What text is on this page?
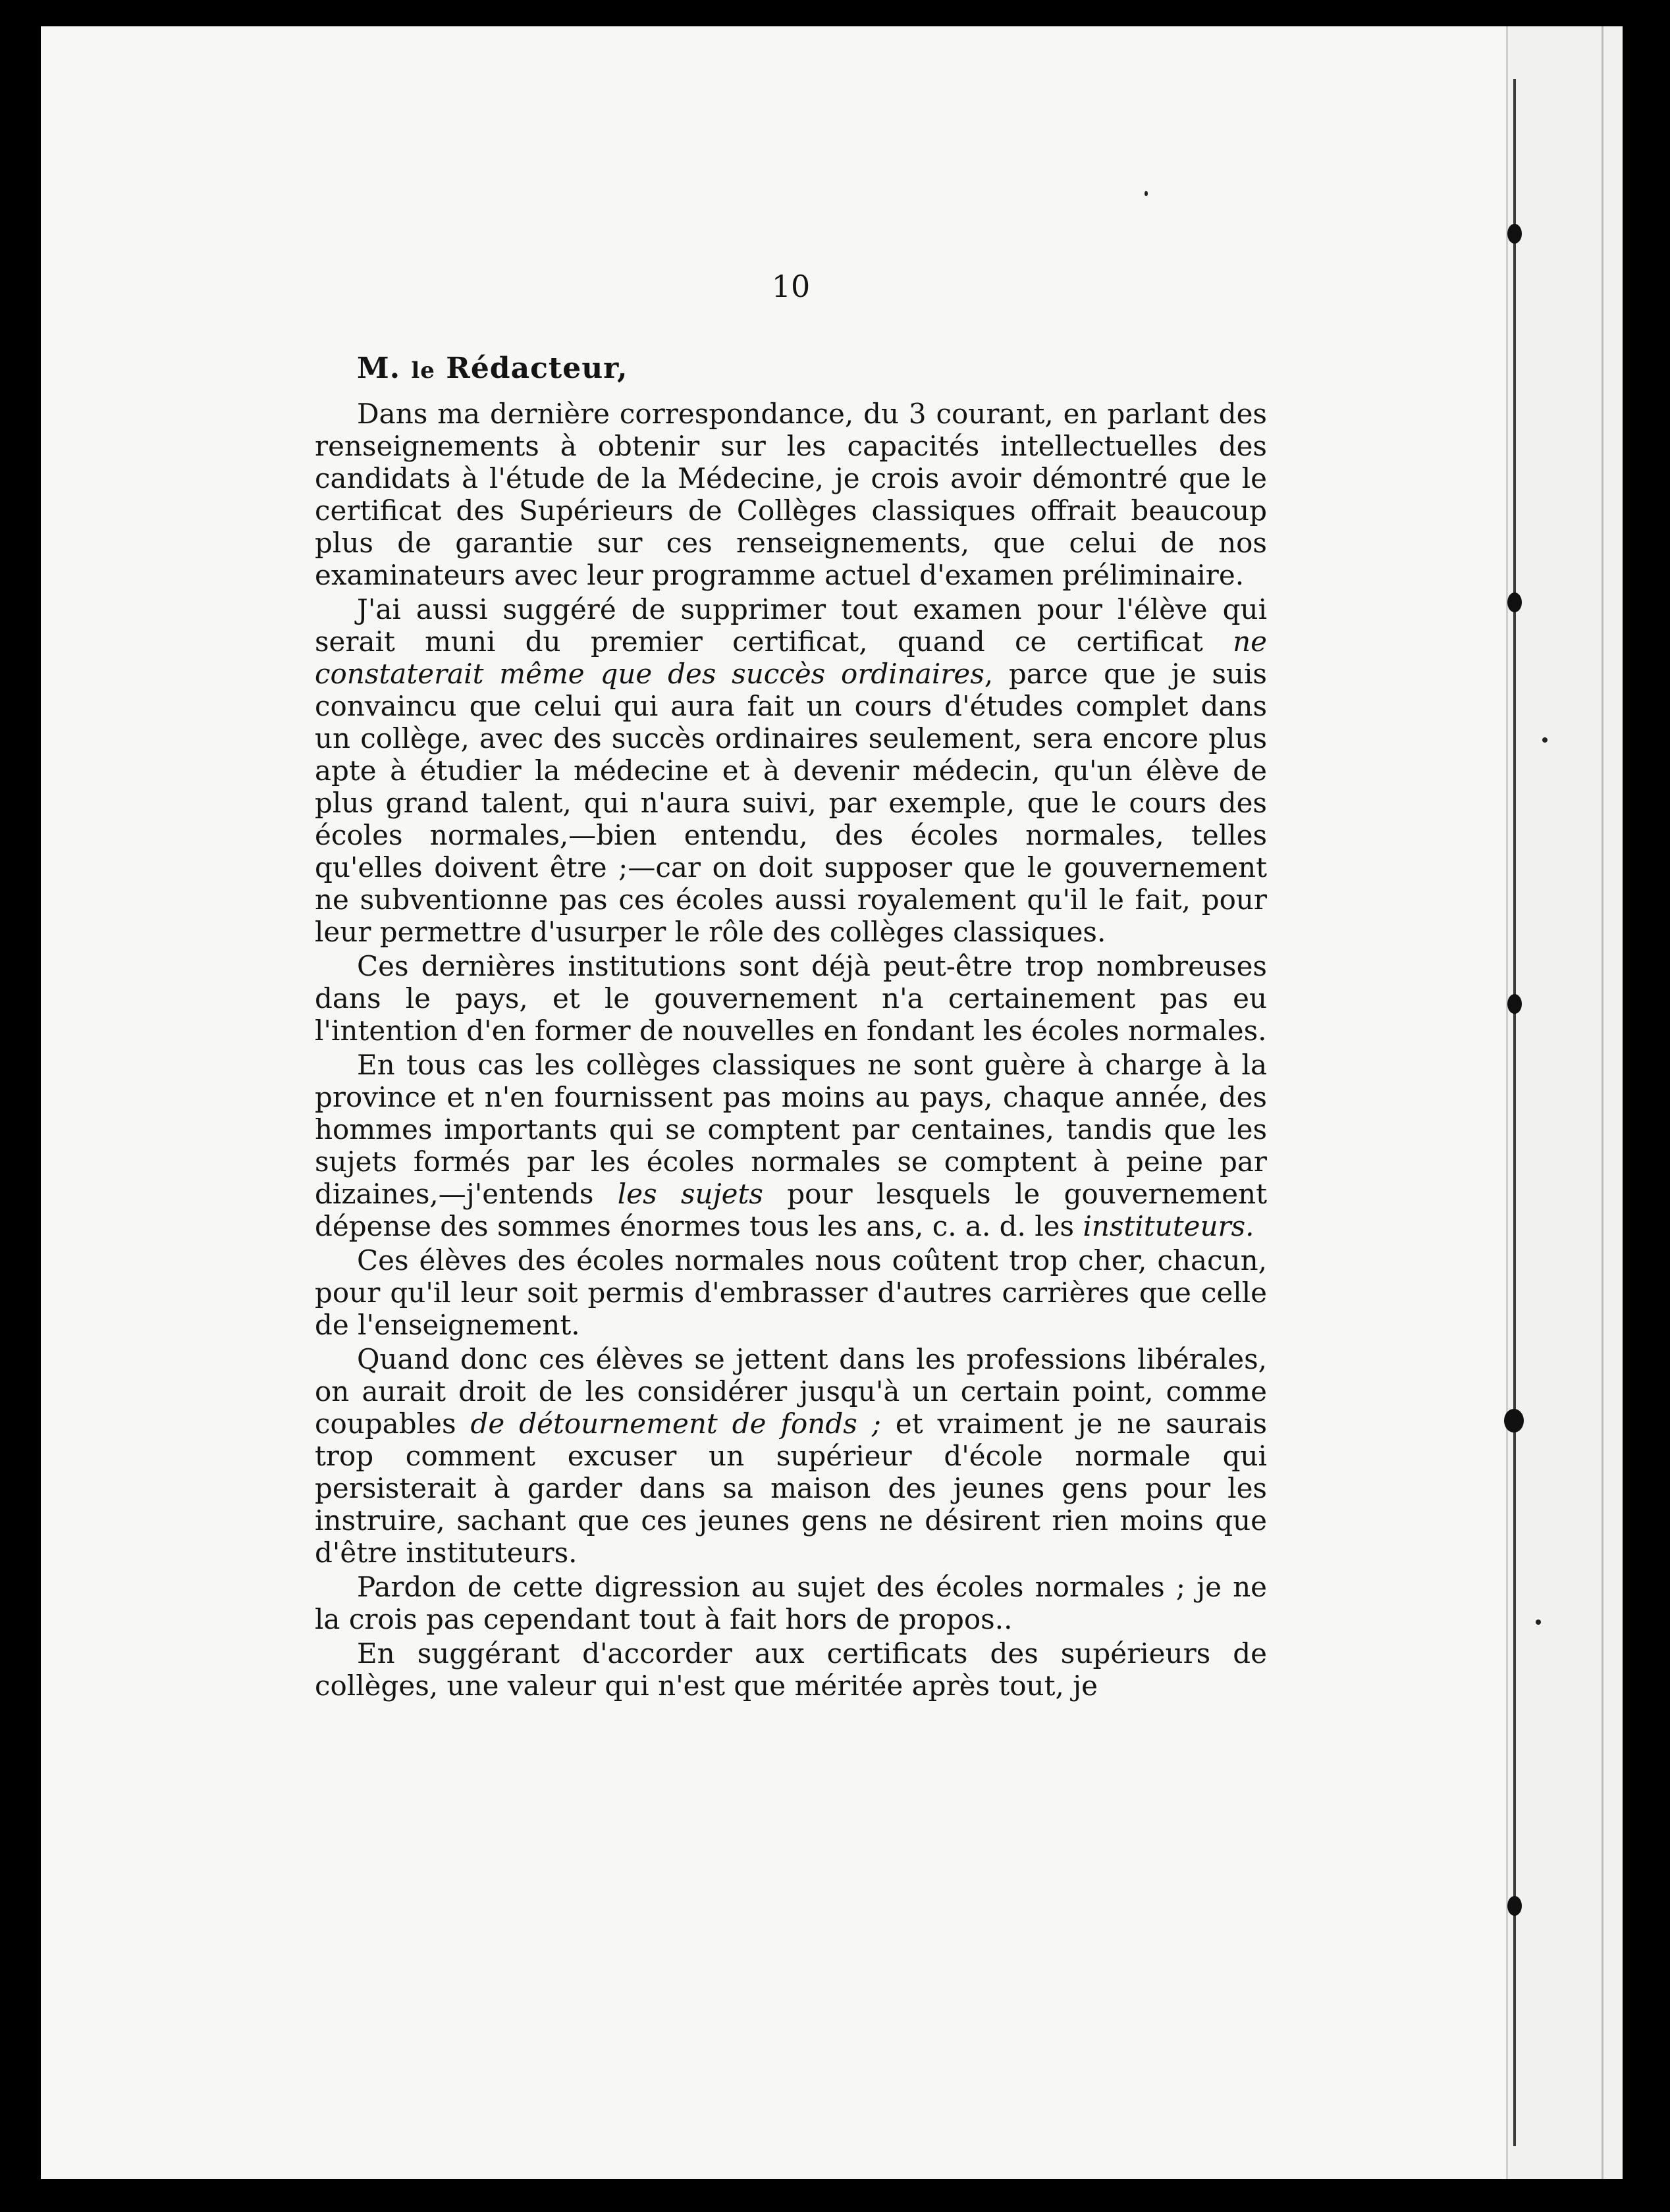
10
M. le Rédacteur,

Dans ma dernière correspondance, du 3 courant, en parlant des renseignements à obtenir sur les capacités intellectuelles des candidats à l'étude de la Médecine, je crois avoir démontré que le certificat des Supérieurs de Collèges classiques offrait beaucoup plus de garantie sur ces renseignements, que celui de nos examinateurs avec leur programme actuel d'examen préliminaire.

J'ai aussi suggéré de supprimer tout examen pour l'élève qui serait muni du premier certificat, quand ce certificat ne constaterait même que des succès ordinaires, parce que je suis convaincu que celui qui aura fait un cours d'études complet dans un collège, avec des succès ordinaires seulement, sera encore plus apte à étudier la médecine et à devenir médecin, qu'un élève de plus grand talent, qui n'aura suivi, par exemple, que le cours des écoles normales,—bien entendu, des écoles normales, telles qu'elles doivent être ;—car on doit supposer que le gouvernement ne subventionne pas ces écoles aussi royalement qu'il le fait, pour leur permettre d'usurper le rôle des collèges classiques.

Ces dernières institutions sont déjà peut-être trop nombreuses dans le pays, et le gouvernement n'a certainement pas eu l'intention d'en former de nouvelles en fondant les écoles normales.

En tous cas les collèges classiques ne sont guère à charge à la province et n'en fournissent pas moins au pays, chaque année, des hommes importants qui se comptent par centaines, tandis que les sujets formés par les écoles normales se comptent à peine par dizaines,—j'entends les sujets pour lesquels le gouvernement dépense des sommes énormes tous les ans, c. a. d. les instituteurs.

Ces élèves des écoles normales nous coûtent trop cher, chacun, pour qu'il leur soit permis d'embrasser d'autres carrières que celle de l'enseignement.

Quand donc ces élèves se jettent dans les professions libérales, on aurait droit de les considérer jusqu'à un certain point, comme coupables de détournement de fonds ; et vraiment je ne saurais trop comment excuser un supérieur d'école normale qui persisterait à garder dans sa maison des jeunes gens pour les instruire, sachant que ces jeunes gens ne désirent rien moins que d'être instituteurs.

Pardon de cette digression au sujet des écoles normales ; je ne la crois pas cependant tout à fait hors de propos..

En suggérant d'accorder aux certificats des supérieurs de collèges, une valeur qui n'est que méritée après tout, je
